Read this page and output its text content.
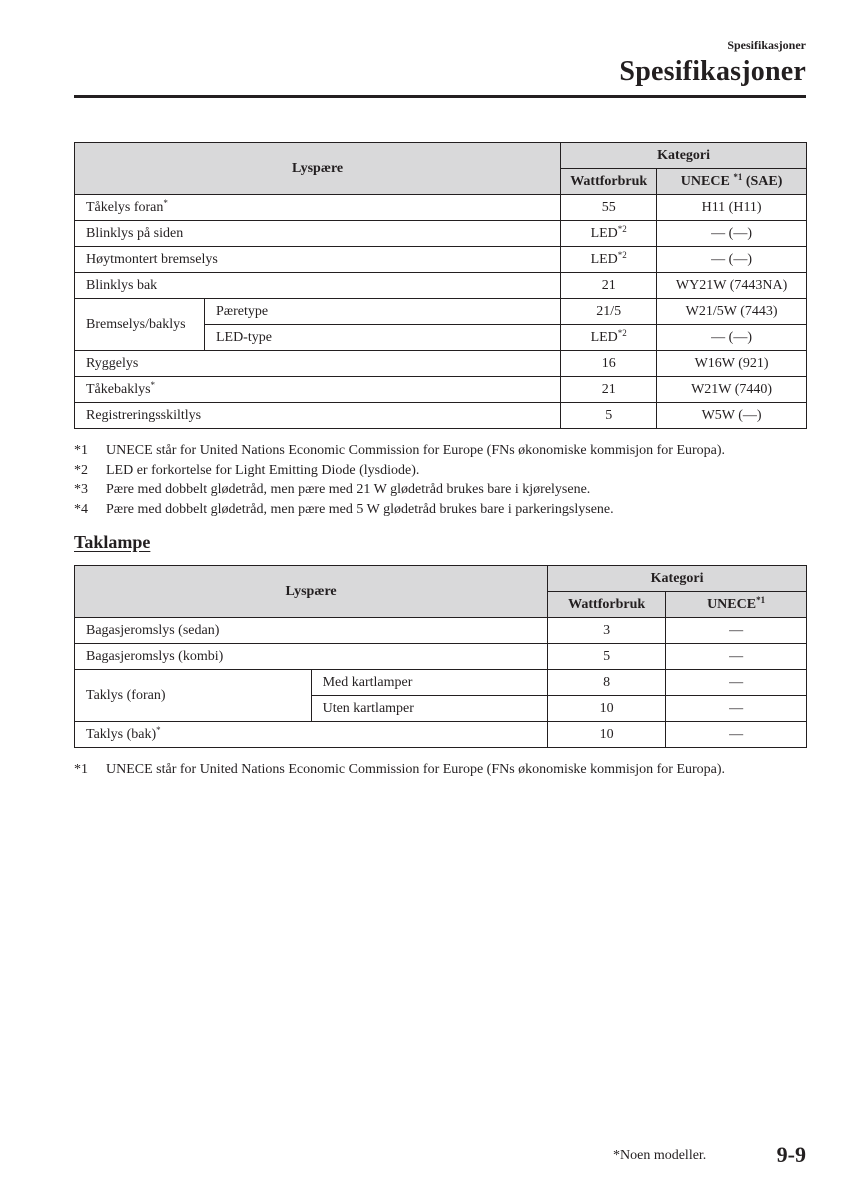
Spesifikasjoner
Spesifikasjoner
Lyspære		Kategori	
		Wattforbruk	UNECE $^{*1}$ (SAE)
Tåkelys foran*		55	H11 (H11)
Blinklys på siden		LED$^{*2}$	— (—)
Høytmontert bremselys		LED$^{*2}$	— (—)
Blinklys bak		21	WY21W (7443NA)
Bremselys/baklys	Pæretype	21/5	W21/5W (7443)
	LED-type	LED$^{*2}$	— (—)
Ryggelys		16	W16W (921)
Tåkebaklys*		21	W21W (7440)
Registreringsskiltlys		5	W5W (—)
*1	UNECE står for United Nations Economic Commission for Europe (FNs økonomiske kommisjon for Europa).
*2	LED er forkortelse for Light Emitting Diode (lysdiode).
*3	Pære med dobbelt glødetråd, men pære med 21 W glødetråd brukes bare i kjørelysene.
*4	Pære med dobbelt glødetråd, men pære med 5 W glødetråd brukes bare i parkeringslysene.
Taklampe
Lyspære		Kategori	
		Wattforbruk	UNECE$^{*1}$
Bagasjeromslys (sedan)		3	—
Bagasjeromslys (kombi)		5	—
Taklys (foran)	Med kartlamper	8	—
	Uten kartlamper	10	—
Taklys (bak)*		10	—
*1	UNECE står for United Nations Economic Commission for Europe (FNs økonomiske kommisjon for Europa).
*Noen modeller.	9-9
